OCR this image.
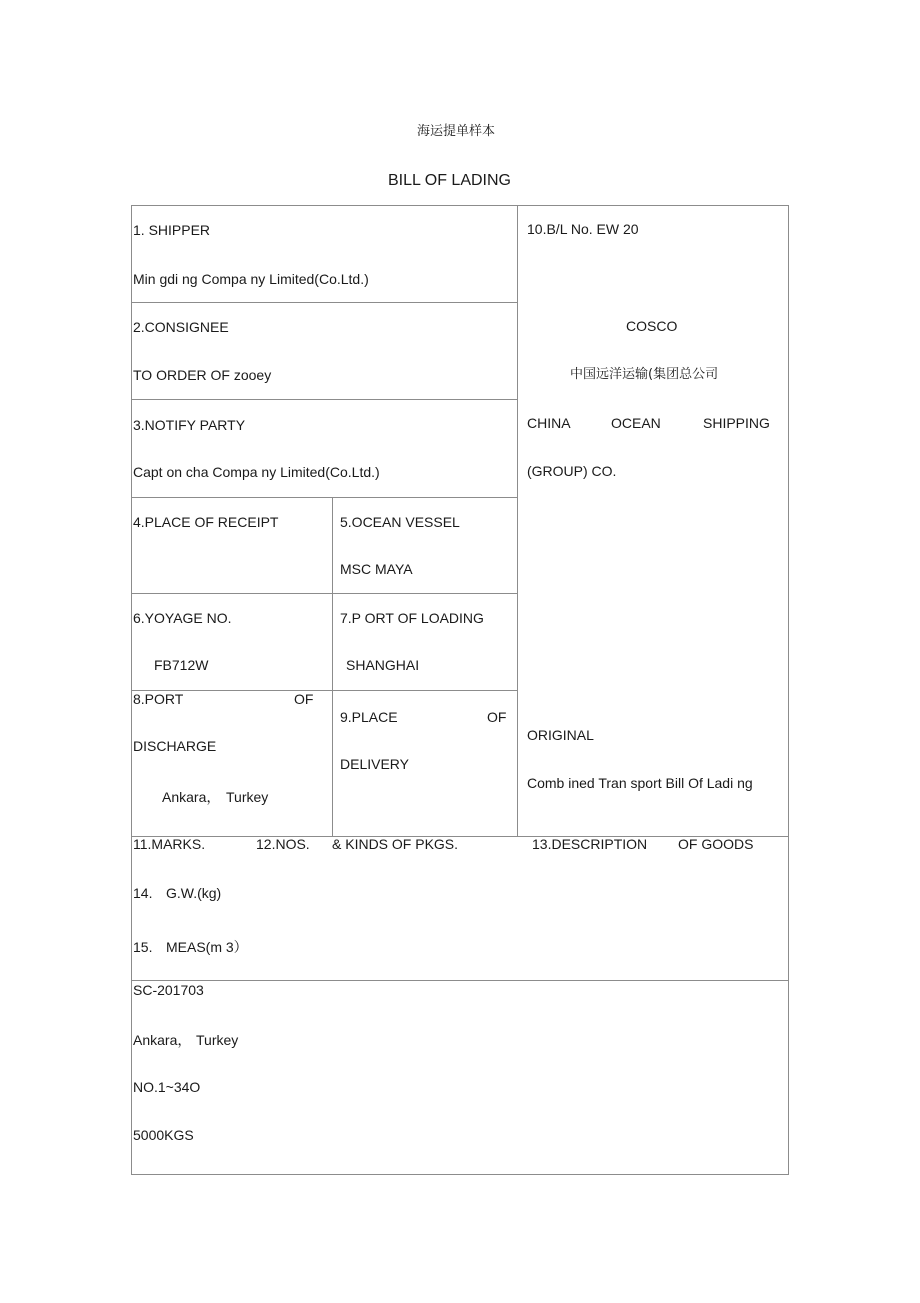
海运提单样本
BILL OF LADING
1. SHIPPER
Min gdi ng Compa ny Limited(Co.Ltd.)
2.CONSIGNEE
TO ORDER OF zooey
3.NOTIFY PARTY
Capt on cha Compa ny Limited(Co.Ltd.)
4.PLACE OF RECEIPT	5.OCEAN VESSEL
MSC MAYA
6.YOYAGE NO.
FB712W
7.P ORT OF LOADING
SHANGHAI
8.PORT	OF
DISCHARGE
Ankara， Turkey
9.PLACE	OF
DELIVERY
10.B/L No. EW 20
COSCO
中国远洋运输(集团总公司
CHINA	OCEAN	SHIPPING
(GROUP) CO.
ORIGINAL
Comb ined Tran sport Bill Of Ladi ng
11.MARKS.	12.NOS. & KINDS OF PKGS.	13.DESCRIPTION OF GOODS
14. G.W.(kg)
15. MEAS(m 3）
SC-201703
Ankara， Turkey
NO.1~34O
5000KGS
